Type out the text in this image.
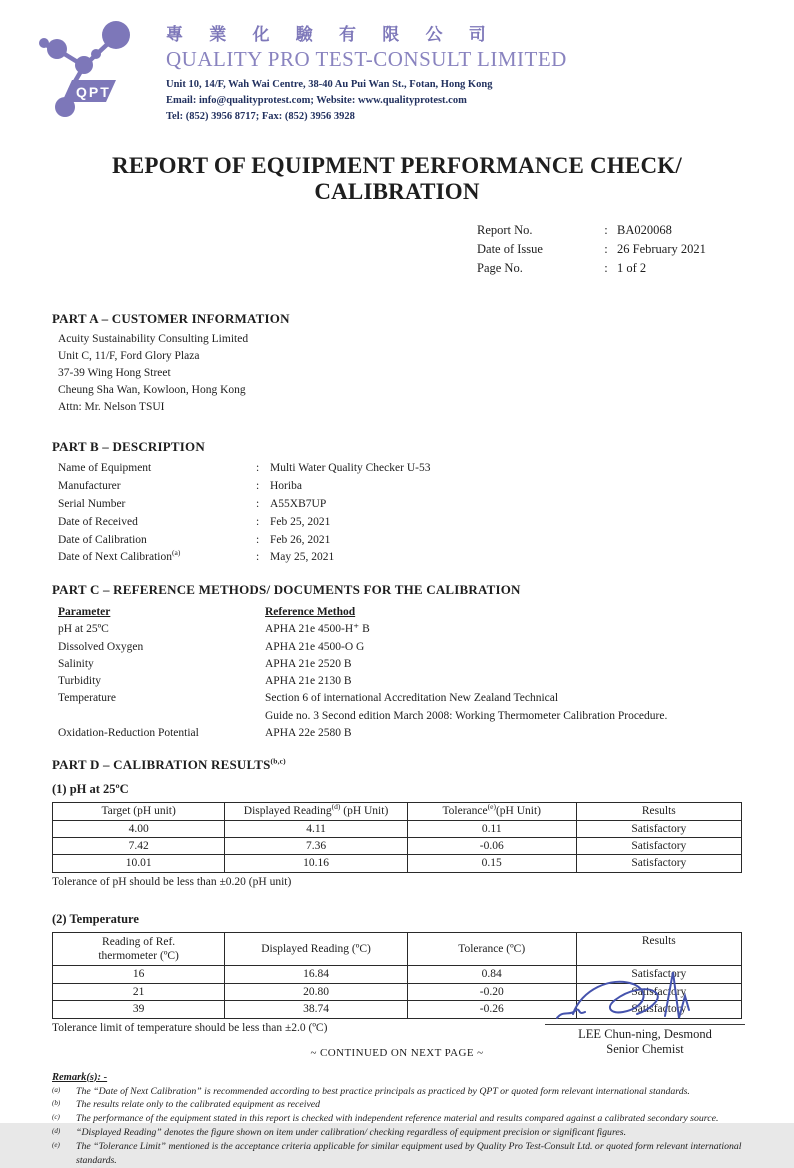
QPT
專 業 化 驗 有 限 公 司
QUALITY PRO TEST-CONSULT LIMITED
Unit 10, 14/F, Wah Wai Centre, 38-40 Au Pui Wan St., Fotan, Hong Kong
Email: info@qualityprotest.com; Website: www.qualityprotest.com
Tel: (852) 3956 8717; Fax: (852) 3956 3928
REPORT OF EQUIPMENT PERFORMANCE CHECK/ CALIBRATION
Report No.	: BA020068
Date of Issue	: 26 February 2021
Page No.	: 1 of 2
PART A – CUSTOMER INFORMATION
Acuity Sustainability Consulting Limited
Unit C, 11/F, Ford Glory Plaza
37-39 Wing Hong Street
Cheung Sha Wan, Kowloon, Hong Kong
Attn: Mr. Nelson TSUI
PART B – DESCRIPTION
Name of Equipment	: Multi Water Quality Checker U-53
Manufacturer	: Horiba
Serial Number	: A55XB7UP
Date of Received	: Feb 25, 2021
Date of Calibration	: Feb 26, 2021
Date of Next Calibration$^{(a)}$	: May 25, 2021
PART C – REFERENCE METHODS/ DOCUMENTS FOR THE CALIBRATION
Parameter	Reference Method
pH at 25ºC	APHA 21e 4500-H⁺ B
Dissolved Oxygen	APHA 21e 4500-O G
Salinity	APHA 21e 2520 B
Turbidity	APHA 21e 2130 B
Temperature	Section 6 of international Accreditation New Zealand Technical
Guide no. 3 Second edition March 2008: Working Thermometer Calibration Procedure.
Oxidation-Reduction Potential	APHA 22e 2580 B
PART D – CALIBRATION RESULTS$^{(b,c)}$
(1) pH at 25ºC
Target (pH unit)	Displayed Reading$^{(d)}$ (pH Unit)	Tolerance$^{(e)}$(pH Unit)	Results
4.00	4.11	0.11	Satisfactory
7.42	7.36	-0.06	Satisfactory
10.01	10.16	0.15	Satisfactory
Tolerance of pH should be less than ±0.20 (pH unit)
(2) Temperature
Reading of Ref. thermometer (ºC)	Displayed Reading (ºC)	Tolerance (ºC)	Results
16	16.84	0.84	Satisfactory
21	20.80	-0.20	Satisfactory
39	38.74	-0.26	Satisfactory
Tolerance limit of temperature should be less than ±2.0 (ºC)
~ CONTINUED ON NEXT PAGE ~
Remark(s): -
(a)	The “Date of Next Calibration” is recommended according to best practice principals as practiced by QPT or quoted form relevant international standards.
(b)	The results relate only to the calibrated equipment as received
(c)	The performance of the equipment stated in this report is checked with independent reference material and results compared against a calibrated secondary source.
(d)	“Displayed Reading” denotes the figure shown on item under calibration/ checking regardless of equipment precision or significant figures.
(e)	The “Tolerance Limit” mentioned is the acceptance criteria applicable for similar equipment used by Quality Pro Test-Consult Ltd. or quoted form relevant international standards.
LEE Chun-ning, Desmond
Senior Chemist
